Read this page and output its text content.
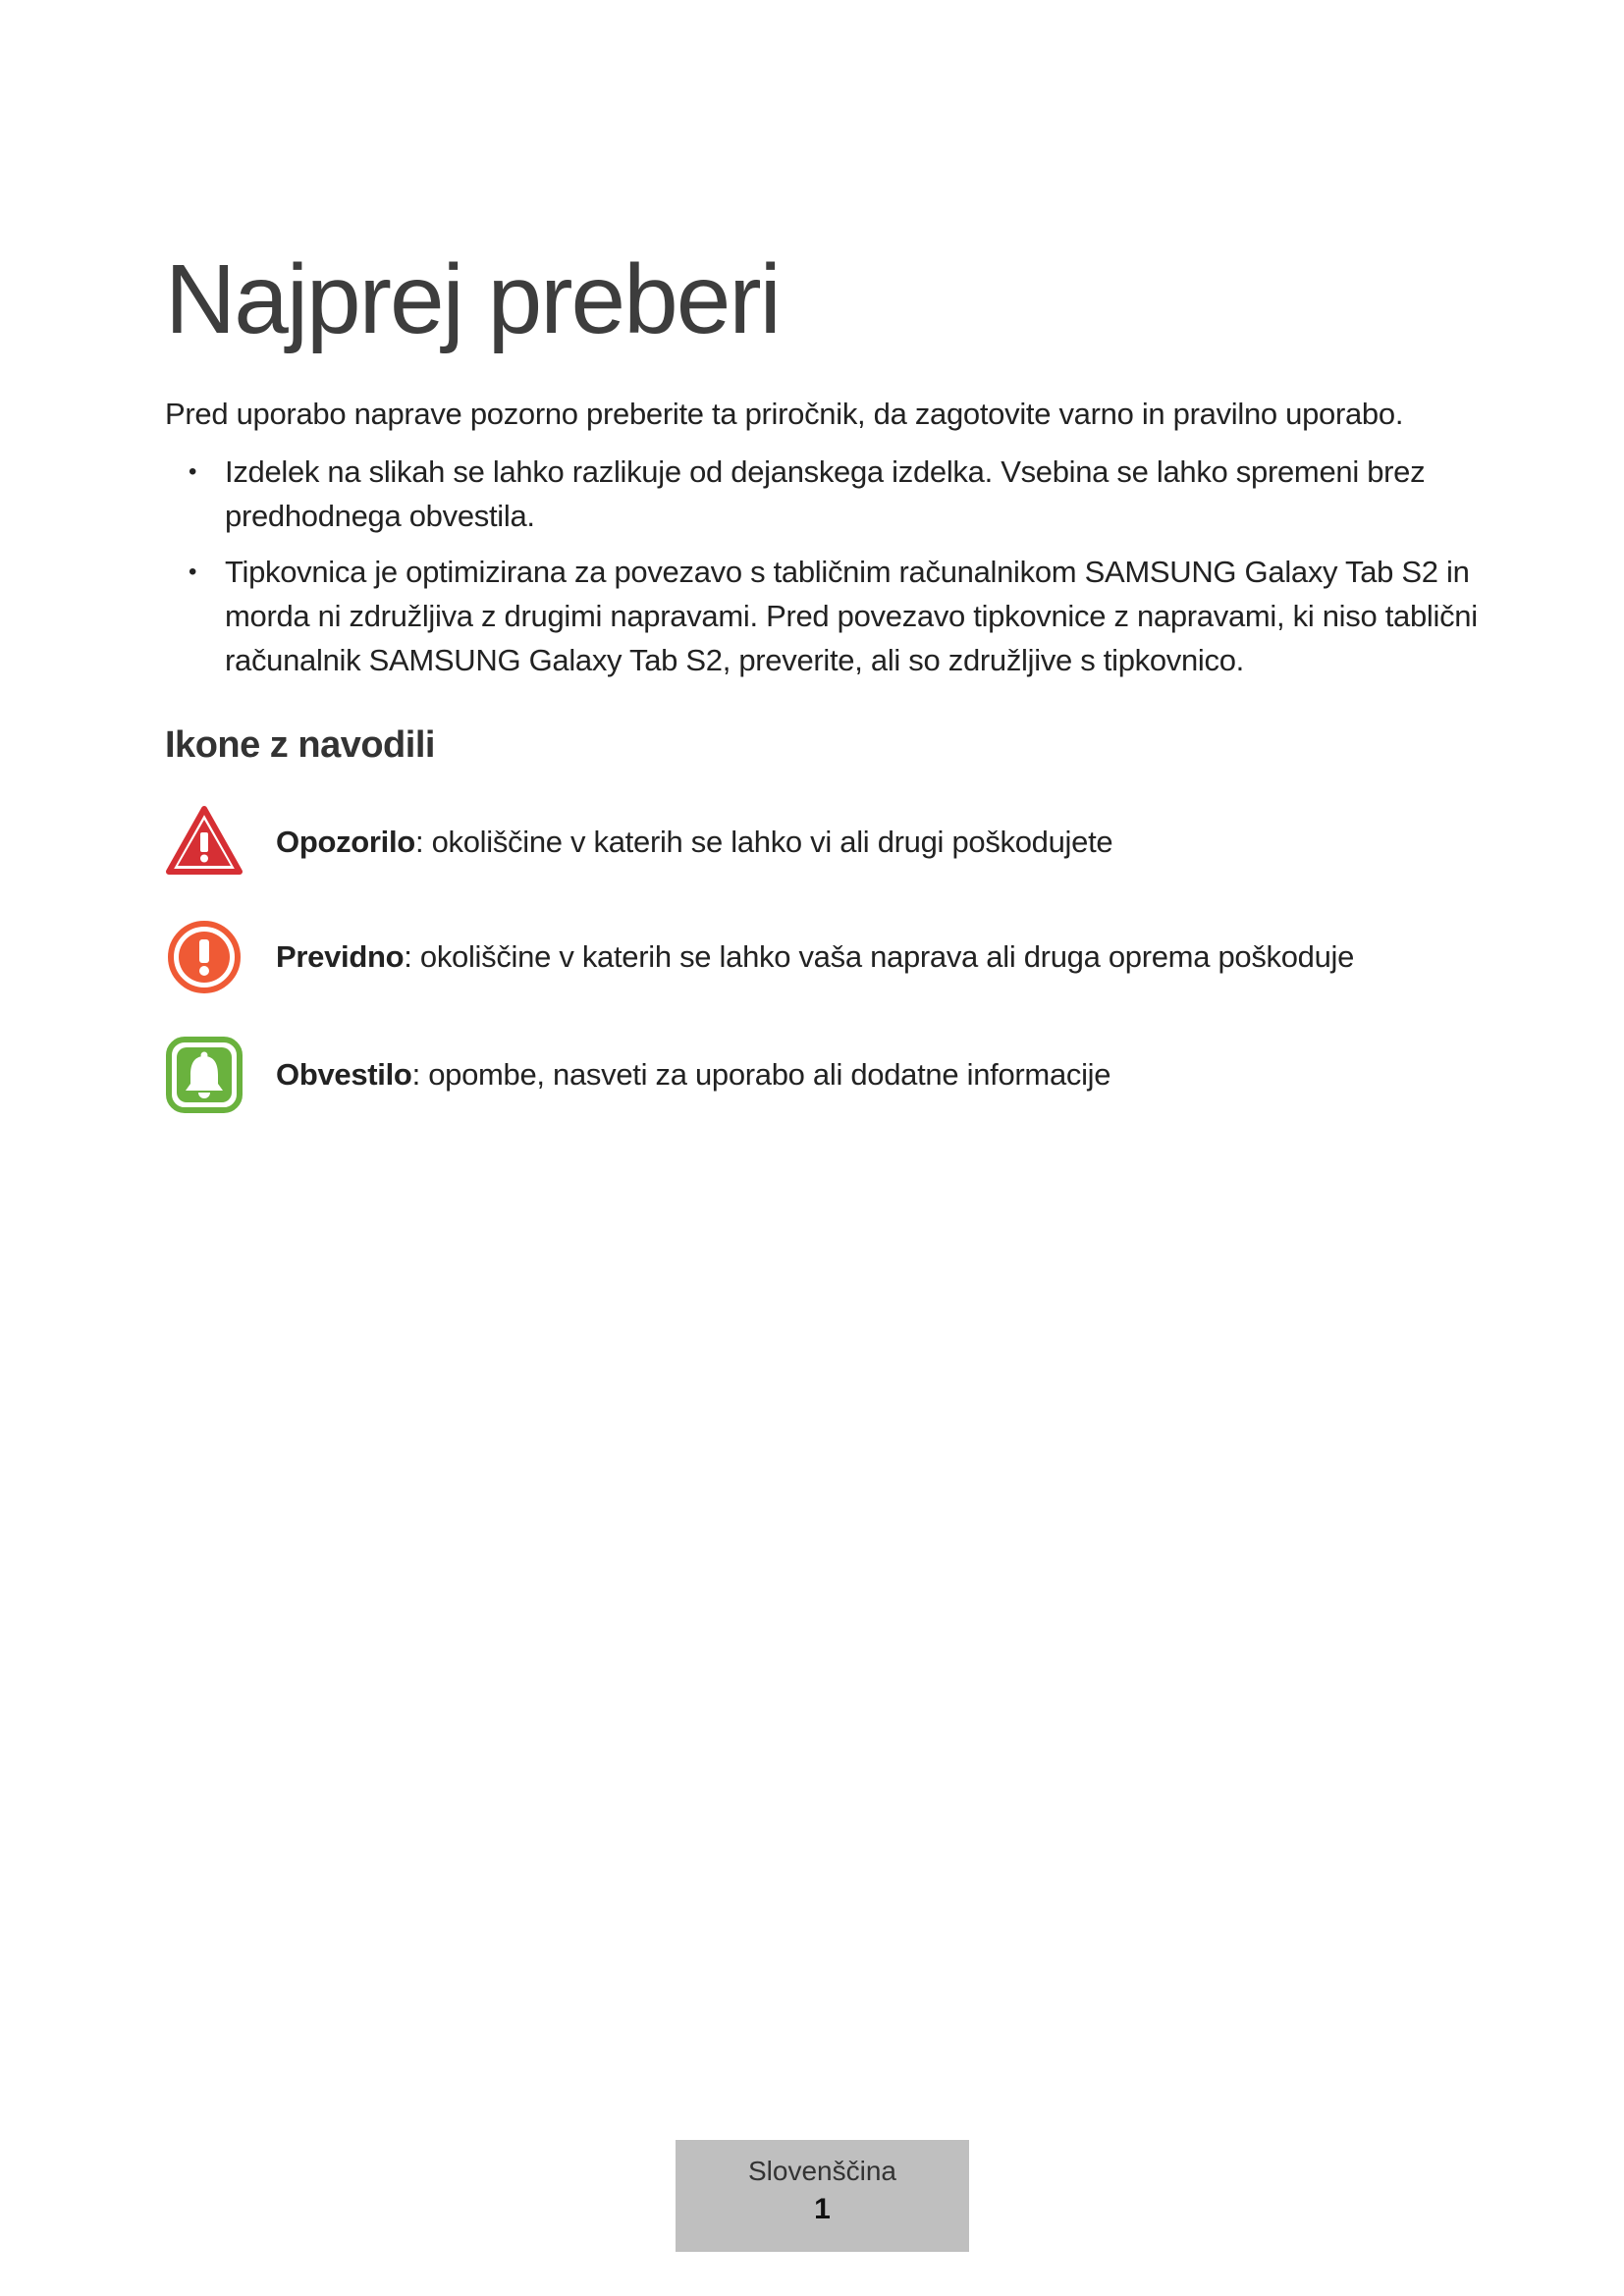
Najprej preberi

Pred uporabo naprave pozorno preberite ta priročnik, da zagotovite varno in pravilno uporabo.

• Izdelek na slikah se lahko razlikuje od dejanskega izdelka. Vsebina se lahko spremeni brez predhodnega obvestila.
• Tipkovnica je optimizirana za povezavo s tabličnim računalnikom SAMSUNG Galaxy Tab S2 in morda ni združljiva z drugimi napravami. Pred povezavo tipkovnice z napravami, ki niso tablični računalnik SAMSUNG Galaxy Tab S2, preverite, ali so združljive s tipkovnico.
Ikone z navodili
Opozorilo: okoliščine v katerih se lahko vi ali drugi poškodujete
Previdno: okoliščine v katerih se lahko vaša naprava ali druga oprema poškoduje
Obvestilo: opombe, nasveti za uporabo ali dodatne informacije
Slovenščina
1
